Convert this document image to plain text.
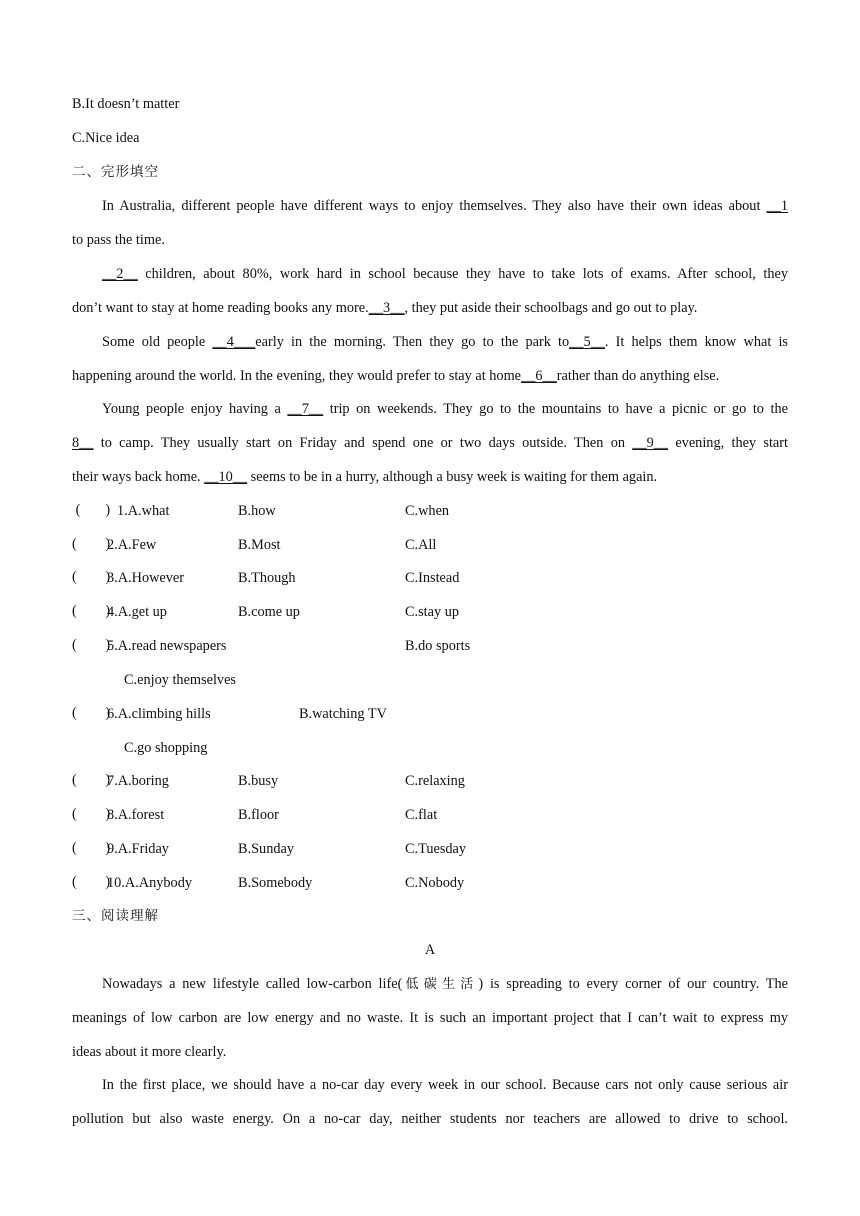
B.It doesn’t matter
C.Nice idea
二、完形填空
In Australia, different people have different ways to enjoy themselves. They also have their own ideas about __1
to pass the time.
__2__ children, about 80%, work hard in school because they have to take lots of exams. After school, they
don’t want to stay at home reading books any more.__3__, they put aside their schoolbags and go out to play.
Some old people __4___early in the morning. Then they go to the park to__5__. It helps them know what is
happening around the world. In the evening, they would prefer to stay at home__6__rather than do anything else.
Young people enjoy having a __7__ trip on weekends. They go to the mountains to have a picnic or go to the
8__ to camp. They usually start on Friday and spend one or two days outside. Then on __9__ evening, they start
their ways back home. __10__ seems to be in a hurry, although a busy week is waiting for them again.
(       ) 1.A.what	B.how	C.when
(        )
2.A.Few	B.Most	C.All
(        )
3.A.However	B.Though	C.Instead
(        )
4.A.get up	B.come up	C.stay up
(        )
5.A.read newspapers	B.do sports
C.enjoy themselves
(        )
6.A.climbing hills	B.watching TV
C.go shopping
(        )
7.A.boring	B.busy	C.relaxing
(        )
8.A.forest	B.floor	C.flat
(        )
9.A.Friday	B.Sunday	C.Tuesday
(        )
10.A.Anybody	B.Somebody	C.Nobody
三、阅读理解
A
Nowadays a new lifestyle called low-carbon life(低碳生活) is spreading to every corner of our country. The
meanings of low carbon are low energy and no waste. It is such an important project that I can’t wait to express my
ideas about it more clearly.
In the first place, we should have a no-car day every week in our school. Because cars not only cause serious air
pollution but also waste energy. On a no-car day, neither students nor teachers are allowed to drive to school.
